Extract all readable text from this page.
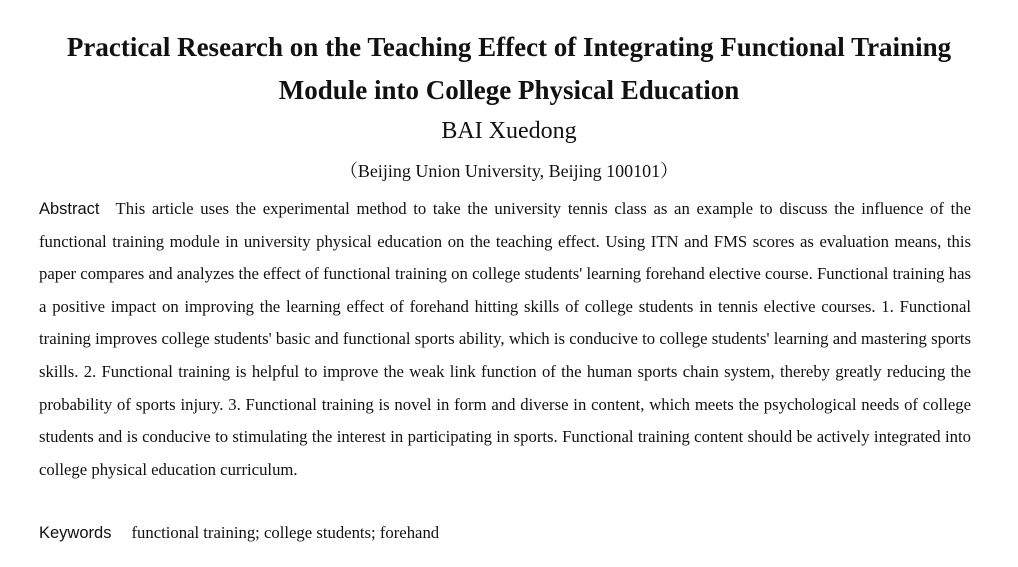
Practical Research on the Teaching Effect of Integrating Functional Training
Module into College Physical Education

BAI Xuedong

（Beijing Union University, Beijing 100101）

Abstract This article uses the experimental method to take the university tennis class as an example to discuss the influence of the functional training module in university physical education on the teaching effect. Using ITN and FMS scores as evaluation means, this paper compares and analyzes the effect of functional training on college students' learning forehand elective course. Functional training has a positive impact on improving the learning effect of forehand hitting skills of college students in tennis elective courses. 1. Functional training improves college students' basic and functional sports ability, which is conducive to college students' learning and mastering sports skills. 2. Functional training is helpful to improve the weak link function of the human sports chain system, thereby greatly reducing the probability of sports injury. 3. Functional training is novel in form and diverse in content, which meets the psychological needs of college students and is conducive to stimulating the interest in participating in sports. Functional training content should be actively integrated into college physical education curriculum.

Keywords functional training; college students; forehand
